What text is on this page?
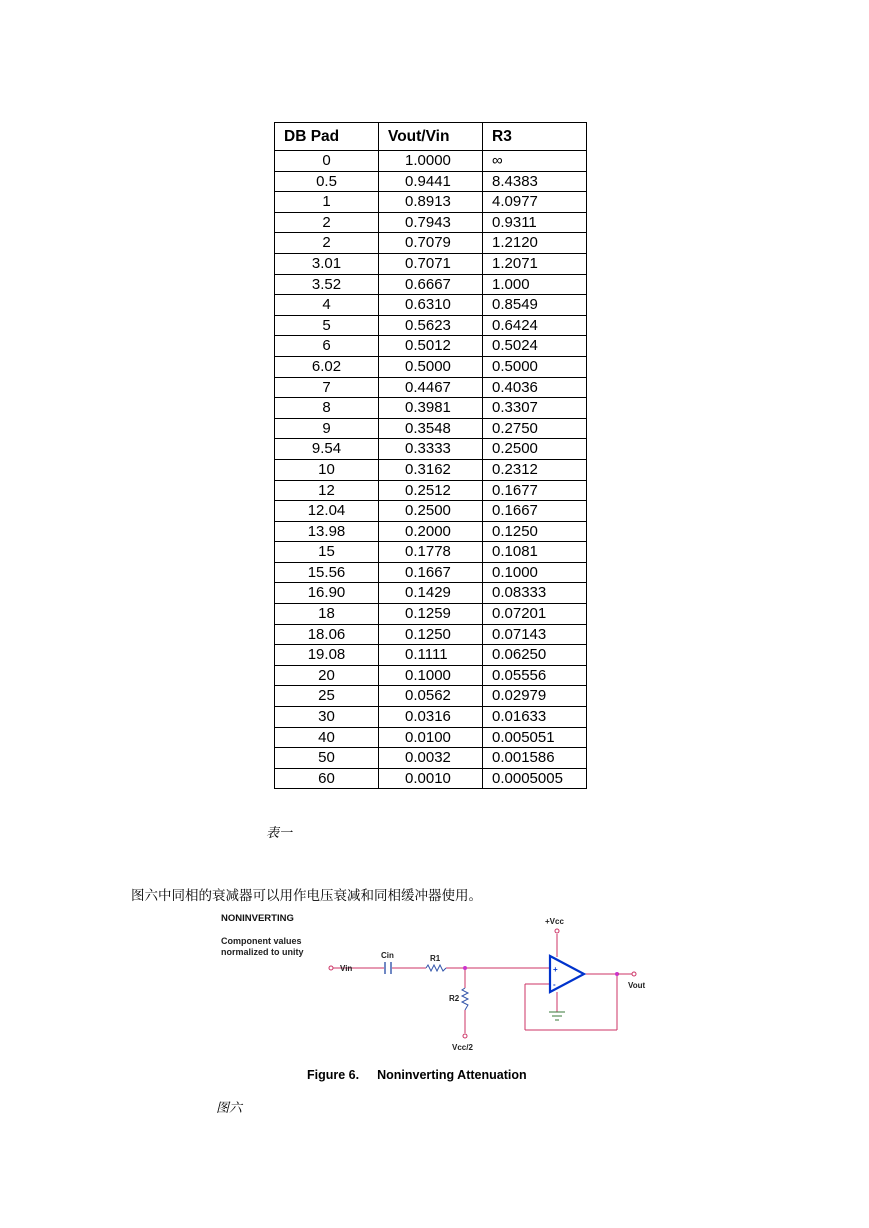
DB Pad	Vout/Vin	R3
0	1.0000	∞
0.5	0.9441	8.4383
1	0.8913	4.0977
2	0.7943	0.9311
2	0.7079	1.2120
3.01	0.7071	1.2071
3.52	0.6667	1.000
4	0.6310	0.8549
5	0.5623	0.6424
6	0.5012	0.5024
6.02	0.5000	0.5000
7	0.4467	0.4036
8	0.3981	0.3307
9	0.3548	0.2750
9.54	0.3333	0.2500
10	0.3162	0.2312
12	0.2512	0.1677
12.04	0.2500	0.1667
13.98	0.2000	0.1250
15	0.1778	0.1081
15.56	0.1667	0.1000
16.90	0.1429	0.08333
18	0.1259	0.07201
18.06	0.1250	0.07143
19.08	0.1111	0.06250
20	0.1000	0.05556
25	0.0562	0.02979
30	0.0316	0.01633
40	0.0100	0.005051
50	0.0032	0.001586
60	0.0010	0.0005005
表一
图六中同相的衰减器可以用作电压衰减和同相缓冲器使用。
NONINVERTING
Component values
normalized to unity
+
-
Vin
Cin	R1
R2
+Vcc
Vcc/2
Vout
Figure 6. Noninverting Attenuation
图六
